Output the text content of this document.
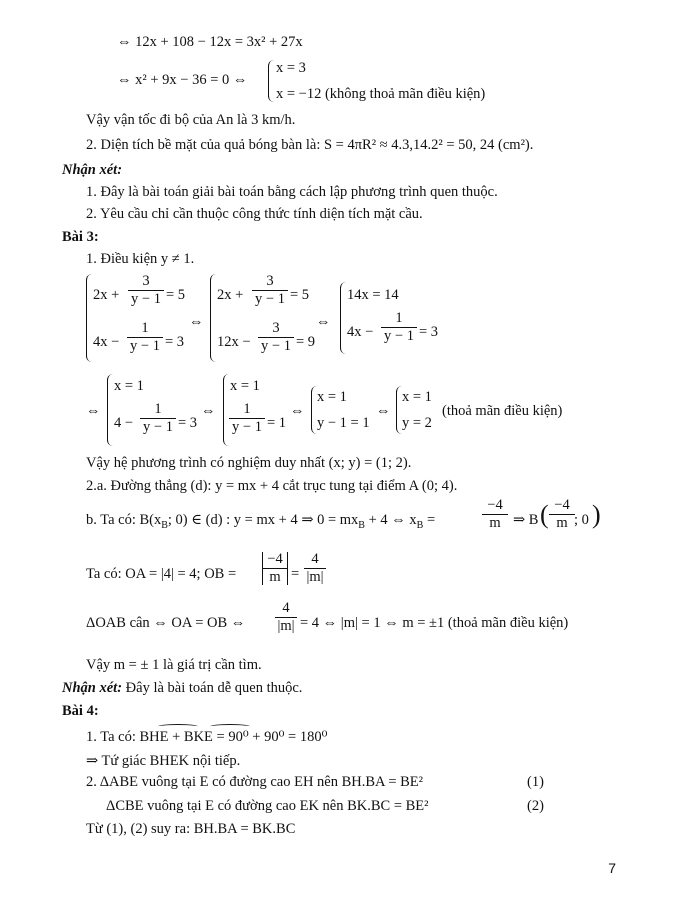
⇔ 12x + 108 − 12x = 3x² + 27x
⇔ x² + 9x − 36 = 0 ⇔
x = 3
x = −12 (không thoả mãn điều kiện)
Vậy vận tốc đi bộ của An là 3 km/h.
2. Diện tích bề mặt của quả bóng bàn là: S = 4πR² ≈ 4.3,14.2² = 50, 24 (cm²).
Nhận xét:
1. Đây là bài toán giải bài toán bằng cách lập phương trình quen thuộc.
2. Yêu cầu chỉ cần thuộc công thức tính diện tích mặt cầu.
Bài 3:
1. Điều kiện y ≠ 1.
2x +
3
y − 1 = 5
4x −
1
y − 1 = 3
⇔
2x +
3
y − 1 = 5
12x −
3
y − 1 = 9
⇔
14x = 14
4x −
1
y − 1 = 3
⇔
x = 1
4 −
1
y − 1 = 3
⇔
x = 1
1
y − 1 = 1
⇔
x = 1
y − 1 = 1
⇔
x = 1
y = 2
(thoả mãn điều kiện)
Vậy hệ phương trình có nghiệm duy nhất (x; y) = (1; 2).
2.a. Đường thẳng (d): y = mx + 4 cắt trục tung tại điểm A (0; 4).
b. Ta có: $B(x_B$; 0) ∈ (d) : y = mx + 4 ⇒ $0 = mx_B + 4$ ⇔ $x_B$ =
−4
m ⇒ B ( −4
m ; 0 )
Ta có: OA = |4| = 4; OB =
−4
m =
4
|m|
ΔOAB cân ⇔ OA = OB ⇔
4
|m| = 4 ⇔ |m| = 1 ⇔ m = ±1 (thoả mãn điều kiện)
Vậy m = ± 1 là giá trị cần tìm.
Nhận xét: Đây là bài toán dễ quen thuộc.
Bài 4:
1. Ta có: BHE + BKE = 90⁰ + 90⁰ = 180⁰
⇒ Tứ giác BHEK nội tiếp.
2. ΔABE vuông tại E có đường cao EH nên BH.BA = BE²	(1)
ΔCBE vuông tại E có đường cao EK nên BK.BC = BE²	(2)
Từ (1), (2) suy ra: BH.BA = BK.BC
7
